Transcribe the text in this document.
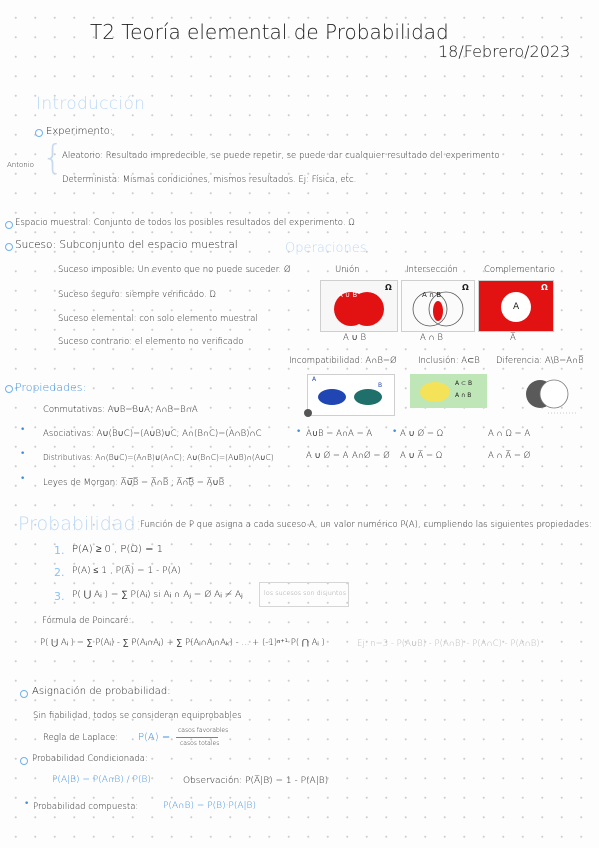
T2 Teoría elemental de Probabilidad
18/Febrero/2023
Introducción
Experimento:
Antonio {
Aleatorio: Resultado impredecible, se puede repetir, se puede dar cualquier resultado del experimento
Determinista: Mismas condiciones, mismos resultados. Ej: Física, etc.
Espacio muestral: Conjunto de todos los posibles resultados del experimento. Ω
Suceso: Subconjunto del espacio muestral
Suceso imposible: Un evento que no puede suceder. Ø
Suceso seguro: siempre verificado. Ω
Suceso elemental: con solo elemento muestral
Suceso contrario: el elemento no verificado
Operaciones
Unión	Intersección	Complementario
A ∪ B
Ω
A ∪ B
A ∩ B
Ω
A ∩ B
A
Ω
A̅
Incompatibilidad: A∩B=Ø	Inclusión: A⊂B Diferencia: A\B=A∩B̅
A
B	A ⊂ B
A ∩ B
Propiedades:
Conmutativas: A∪B=B∪A; A∩B=B∩A
Asociativas: A∪(B∪C)=(A∪B)∪C; A∩(B∩C)=(A∩B)∩C
Distributivas: A∩(B∪C)=(A∩B)∪(A∩C); A∪(B∩C)=(A∪B)∩(A∪C)
Leyes de Morgan: A̅∪̅B̅ = A̅∩B̅ ; A̅∩̅B̅ = A̅∪B̅
•
•
•
A∪B = A∩A = A	A ∪ Ø = Ω	A ∩ Ω = A
A ∪ Ø = A A∩Ø = Ø A ∪ A̅ = Ω	A ∩ A̅ = Ø
•	•
Probabilidad:
Función de P que asigna a cada suceso A, un valor numérico P(A), cumpliendo las siguientes propiedades:
1. P(A) ≥ 0 , P(Ω) = 1
2. P(A) ≤ 1 , P(A̅) = 1 - P(A)
3. P( ⋃ Aᵢ ) = ∑ P(Aᵢ) si Aᵢ ∩ Aⱼ = Ø Aᵢ ≠ Aⱼ	los sucesos son disjuntos
Fórmula de Poincaré:
P( ⋃ Aᵢ ) = ∑ P(Aᵢ) - ∑ P(Aᵢ∩Aⱼ) + ∑ P(Aᵢ∩Aⱼ∩Aₖ) - ... + (-1)ⁿ⁺¹ P( ⋂ Aᵢ )	Ej: n=3 - P(A∪B) - P(A∩B) - P(A∩C) - P(A∩B)
Asignación de probabilidad:
Sin fiabilidad, todos se consideran equiprobables
Regla de Laplace: P(A) =
casos favorables
casos totales
Probabilidad Condicionada:
P(A|B) = P(A∩B) / P(B)	Observación: P(A̅|B) = 1 - P(A|B)
Probabilidad compuesta:	P(A∩B) = P(B)·P(A|B)
•
